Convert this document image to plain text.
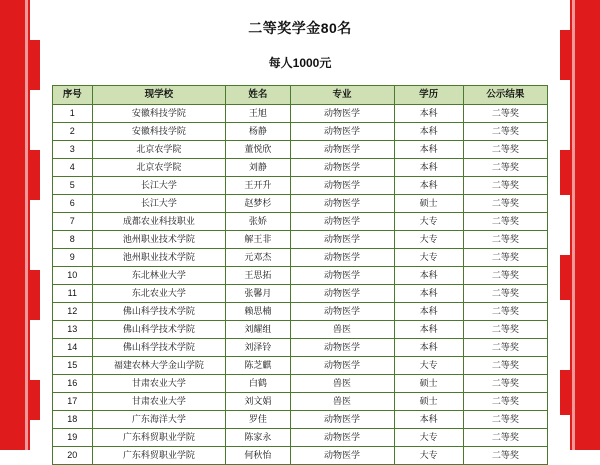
二等奖学金80名
每人1000元
序号	现学校	姓名	专业	学历	公示结果
1	安徽科技学院	王旭	动物医学	本科	二等奖
2	安徽科技学院	杨静	动物医学	本科	二等奖
3	北京农学院	董悦欣	动物医学	本科	二等奖
4	北京农学院	刘静	动物医学	本科	二等奖
5	长江大学	王开升	动物医学	本科	二等奖
6	长江大学	赵梦杉	动物医学	硕士	二等奖
7	成都农业科技职业	张娇	动物医学	大专	二等奖
8	池州职业技术学院	解王非	动物医学	大专	二等奖
9	池州职业技术学院	元邓杰	动物医学	大专	二等奖
10	东北林业大学	王思拓	动物医学	本科	二等奖
11	东北农业大学	张馨月	动物医学	本科	二等奖
12	佛山科学技术学院	赖思楠	动物医学	本科	二等奖
13	佛山科学技术学院	刘耀组	兽医	本科	二等奖
14	佛山科学技术学院	刘泽铃	动物医学	本科	二等奖
15	福建农林大学金山学院	陈芝麒	动物医学	大专	二等奖
16	甘肃农业大学	白鹤	兽医	硕士	二等奖
17	甘肃农业大学	刘文娟	兽医	硕士	二等奖
18	广东海洋大学	罗佳	动物医学	本科	二等奖
19	广东科贸职业学院	陈家永	动物医学	大专	二等奖
20	广东科贸职业学院	何秋怡	动物医学	大专	二等奖
